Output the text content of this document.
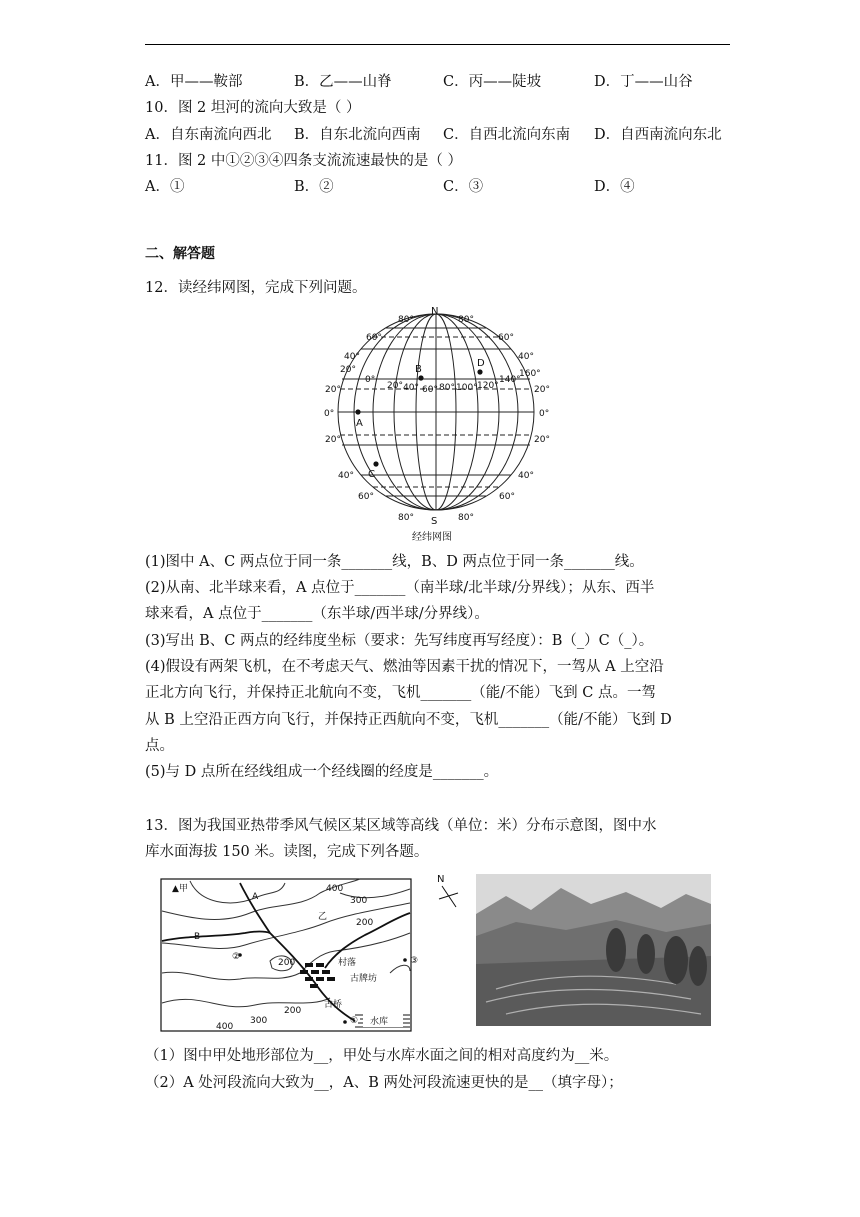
A．甲——鞍部	B．乙——山脊	C．丙——陡坡	D．丁——山谷
10．图 2 坦河的流向大致是（ ）
A．自东南流向西北 B．自东北流向西南 C．自西北流向东南 D．自西南流向东北
11．图 2 中①②③④四条支流流速最快的是（ ）
A．①	B．②	C．③	D．④
二、解答题
12．读经纬网图，完成下列问题。
N
S
80°	80°
80°	80°
60°
40°
20°
20°
0°
20°
40°
60°
60°
40°
20°
0°
20°
40°
60°
0°
20° 40° 60° 80° 100° 120°
140°
160°
A
B
C
D
经纬网图
(1)图中 A、C 两点位于同一条_______线，B、D 两点位于同一条_______线。
(2)从南、北半球来看，A 点位于_______（南半球/北半球/分界线）；从东、西半
球来看，A 点位于_______（东半球/西半球/分界线）。
(3)写出 B、C 两点的经纬度坐标（要求：先写纬度再写经度）：B（_）C（_）。
(4)假设有两架飞机，在不考虑天气、燃油等因素干扰的情况下，一驾从 A 上空沿
正北方向飞行，并保持正北航向不变，飞机_______（能/不能）飞到 C 点。一驾
从 B 上空沿正西方向飞行，并保持正西航向不变，飞机_______（能/不能）飞到 D
点。
(5)与 D 点所在经线组成一个经线圈的经度是_______。
13．图为我国亚热带季风气候区某区域等高线（单位：米）分布示意图，图中水
库水面海拔 150 米。读图，完成下列各题。
▲甲	400
300
200
乙
A
B
②
200	村落
古牌坊
古桥
①
③
水库
400
300
200
N
（1）图中甲处地形部位为__，甲处与水库水面之间的相对高度约为__米。
（2）A 处河段流向大致为__，A、B 两处河段流速更快的是__（填字母）；
